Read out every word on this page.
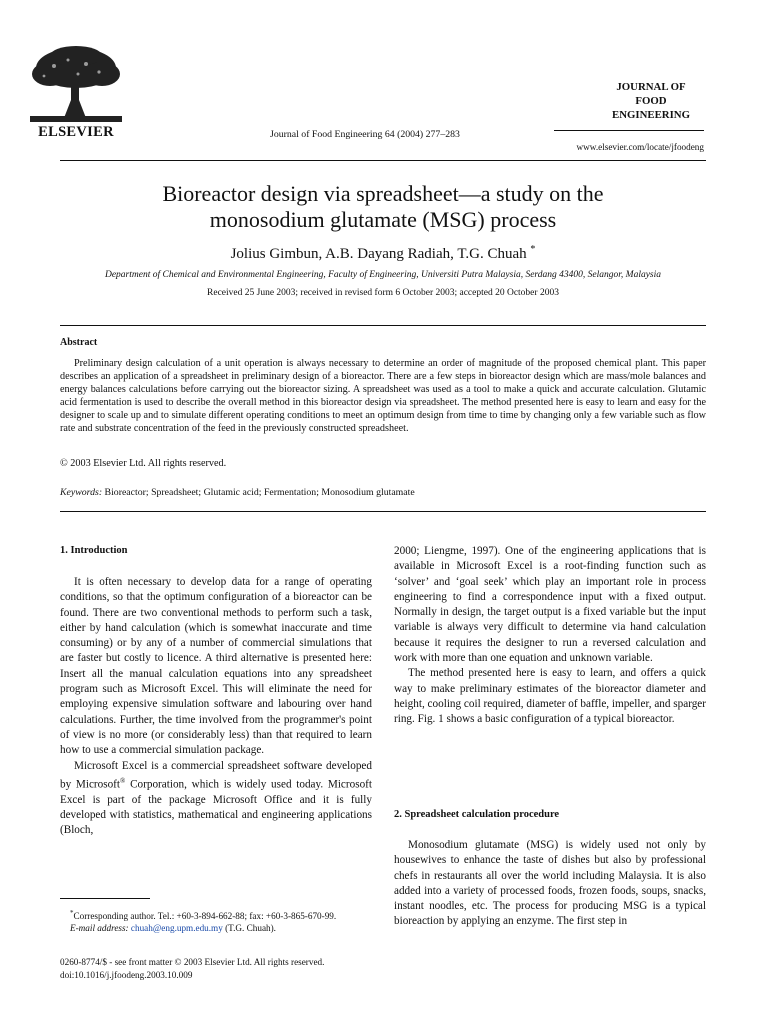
ELSEVIER	Journal of Food Engineering 64 (2004) 277–283
JOURNAL OF
FOOD
ENGINEERING
www.elsevier.com/locate/jfoodeng
Bioreactor design via spreadsheet—a study on the
monosodium glutamate (MSG) process
Jolius Gimbun, A.B. Dayang Radiah, T.G. Chuah *
Department of Chemical and Environmental Engineering, Faculty of Engineering, Universiti Putra Malaysia, Serdang 43400, Selangor, Malaysia
Received 25 June 2003; received in revised form 6 October 2003; accepted 20 October 2003
Abstract
Preliminary design calculation of a unit operation is always necessary to determine an order of magnitude of the proposed chemical plant. This paper describes an application of a spreadsheet in preliminary design of a bioreactor. There are a few steps in bioreactor design which are mass/mole balances and energy balances calculations before carrying out the bioreactor sizing. A spreadsheet was used as a tool to make a quick and accurate calculation. Glutamic acid fermentation is used to describe the overall method in this bioreactor design via spreadsheet. The method presented here is easy to learn and easy for the designer to scale up and to simulate different operating conditions to meet an optimum design from time to time by changing only a few variable such as flow rate and substrate concentration of the feed in the previously constructed spreadsheet.
© 2003 Elsevier Ltd. All rights reserved.
Keywords: Bioreactor; Spreadsheet; Glutamic acid; Fermentation; Monosodium glutamate
1. Introduction

It is often necessary to develop data for a range of operating conditions, so that the optimum configuration of a bioreactor can be found. There are two conventional methods to perform such a task, either by hand calculation (which is somewhat inaccurate and time consuming) or by any of a number of commercial simulations that are faster but costly to licence. A third alternative is presented here: Insert all the manual calculation equations into any spreadsheet program such as Microsoft Excel. This will eliminate the need for employing expensive simulation software and labouring over hand calculations. Further, the time involved from the programmer's point of view is no more (or considerably less) than that required to learn how to use a commercial simulation package.

Microsoft Excel is a commercial spreadsheet software developed by Microsoft® Corporation, which is widely used today. Microsoft Excel is part of the package Microsoft Office and it is fully developed with statistics, mathematical and engineering applications (Bloch,

*Corresponding author. Tel.: +60-3-894-662-88; fax: +60-3-865-670-99.
E-mail address: chuah@eng.upm.edu.my (T.G. Chuah).
0260-8774/$ - see front matter © 2003 Elsevier Ltd. All rights reserved.
doi:10.1016/j.jfoodeng.2003.10.009

2000; Liengme, 1997). One of the engineering applications that is available in Microsoft Excel is a root-finding function such as ‘solver’ and ‘goal seek’ which play an important role in process engineering to find a correspondence input with a fixed output. Normally in design, the target output is a fixed variable but the input variable is always very difficult to determine via hand calculation because it requires the designer to run a reversed calculation and work with more than one equation and unknown variable.

The method presented here is easy to learn, and offers a quick way to make preliminary estimates of the bioreactor diameter and height, cooling coil required, diameter of baffle, impeller, and sparger ring. Fig. 1 shows a basic configuration of a typical bioreactor.

2. Spreadsheet calculation procedure

Monosodium glutamate (MSG) is widely used not only by housewives to enhance the taste of dishes but also by professional chefs in restaurants all over the world including Malaysia. It is also added into a variety of processed foods, frozen foods, soups, snacks, instant noodles, etc. The process for producing MSG is a typical bioreaction by applying an enzyme. The first step in
